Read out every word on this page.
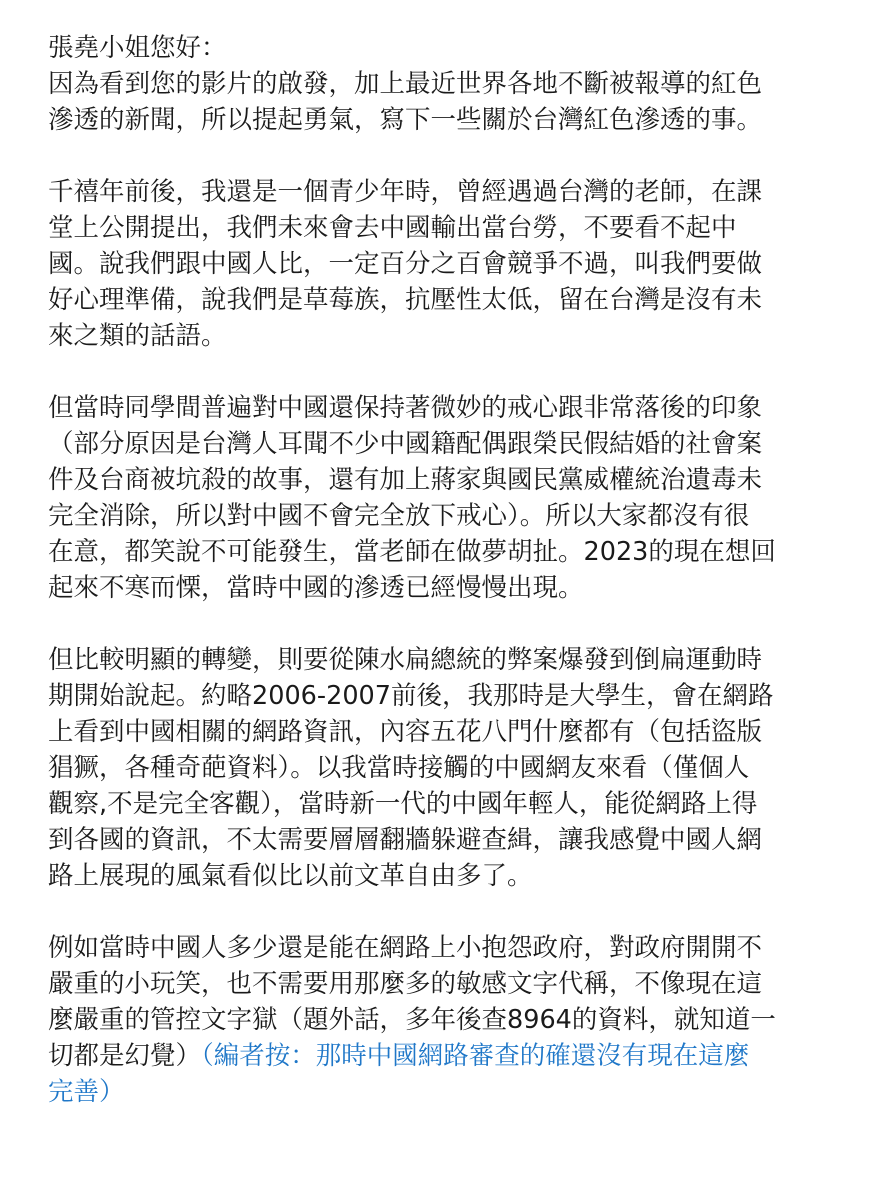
張堯小姐您好：
因為看到您的影片的啟發，加上最近世界各地不斷被報導的紅色
滲透的新聞，所以提起勇氣，寫下一些關於台灣紅色滲透的事。
千禧年前後，我還是一個青少年時，曾經遇過台灣的老師，在課
堂上公開提出，我們未來會去中國輸出當台勞，不要看不起中
國。說我們跟中國人比，一定百分之百會競爭不過，叫我們要做
好心理準備，說我們是草莓族，抗壓性太低，留在台灣是沒有未
來之類的話語。
但當時同學間普遍對中國還保持著微妙的戒心跟非常落後的印象
（部分原因是台灣人耳聞不少中國籍配偶跟榮民假結婚的社會案
件及台商被坑殺的故事，還有加上蔣家與國民黨威權統治遺毒未
完全消除，所以對中國不會完全放下戒心）。所以大家都沒有很
在意，都笑說不可能發生，當老師在做夢胡扯。2023的現在想回
起來不寒而慄，當時中國的滲透已經慢慢出現。
但比較明顯的轉變，則要從陳水扁總統的弊案爆發到倒扁運動時
期開始說起。約略2006-2007前後，我那時是大學生，會在網路
上看到中國相關的網路資訊，內容五花八門什麼都有（包括盜版
猖獗，各種奇葩資料）。以我當時接觸的中國網友來看（僅個人
觀察,不是完全客觀），當時新一代的中國年輕人，能從網路上得
到各國的資訊，不太需要層層翻牆躲避查緝，讓我感覺中國人網
路上展現的風氣看似比以前文革自由多了。
例如當時中國人多少還是能在網路上小抱怨政府，對政府開開不
嚴重的小玩笑，也不需要用那麼多的敏感文字代稱，不像現在這
麼嚴重的管控文字獄（題外話，多年後查8964的資料，就知道一
切都是幻覺）（編者按：那時中國網路審查的確還沒有現在這麼
完善）
